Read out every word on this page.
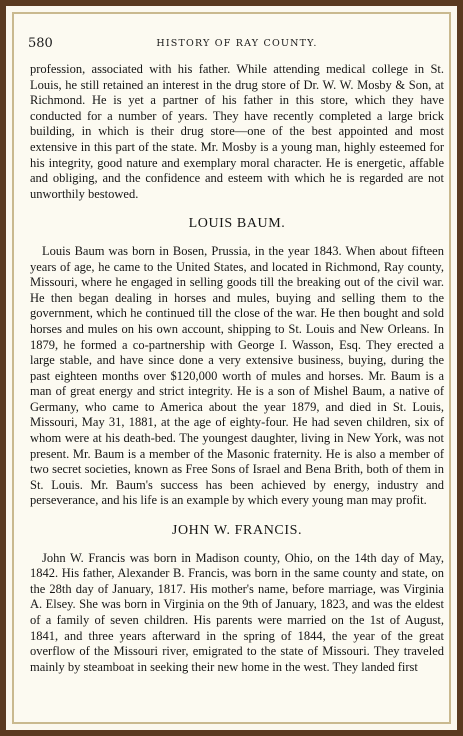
580	HISTORY OF RAY COUNTY.

profession, associated with his father. While attending medical college in St. Louis, he still retained an interest in the drug store of Dr. W. W. Mosby & Son, at Richmond. He is yet a partner of his father in this store, which they have conducted for a number of years. They have recently completed a large brick building, in which is their drug store—one of the best appointed and most extensive in this part of the state. Mr. Mosby is a young man, highly esteemed for his integrity, good nature and exemplary moral character. He is energetic, affable and obliging, and the confidence and esteem with which he is regarded are not unworthily bestowed.

LOUIS BAUM.

Louis Baum was born in Bosen, Prussia, in the year 1843. When about fifteen years of age, he came to the United States, and located in Richmond, Ray county, Missouri, where he engaged in selling goods till the breaking out of the civil war. He then began dealing in horses and mules, buying and selling them to the government, which he continued till the close of the war. He then bought and sold horses and mules on his own account, shipping to St. Louis and New Orleans. In 1879, he formed a co-partnership with George I. Wasson, Esq. They erected a large stable, and have since done a very extensive business, buying, during the past eighteen months over $120,000 worth of mules and horses. Mr. Baum is a man of great energy and strict integrity. He is a son of Mishel Baum, a native of Germany, who came to America about the year 1879, and died in St. Louis, Missouri, May 31, 1881, at the age of eighty-four. He had seven children, six of whom were at his death-bed. The youngest daughter, living in New York, was not present. Mr. Baum is a member of the Masonic fraternity. He is also a member of two secret societies, known as Free Sons of Israel and Bena Brith, both of them in St. Louis. Mr. Baum's success has been achieved by energy, industry and perseverance, and his life is an example by which every young man may profit.

JOHN W. FRANCIS.

John W. Francis was born in Madison county, Ohio, on the 14th day of May, 1842. His father, Alexander B. Francis, was born in the same county and state, on the 28th day of January, 1817. His mother's name, before marriage, was Virginia A. Elsey. She was born in Virginia on the 9th of January, 1823, and was the eldest of a family of seven children. His parents were married on the 1st of August, 1841, and three years afterward in the spring of 1844, the year of the great overflow of the Missouri river, emigrated to the state of Missouri. They traveled mainly by steamboat in seeking their new home in the west. They landed first
